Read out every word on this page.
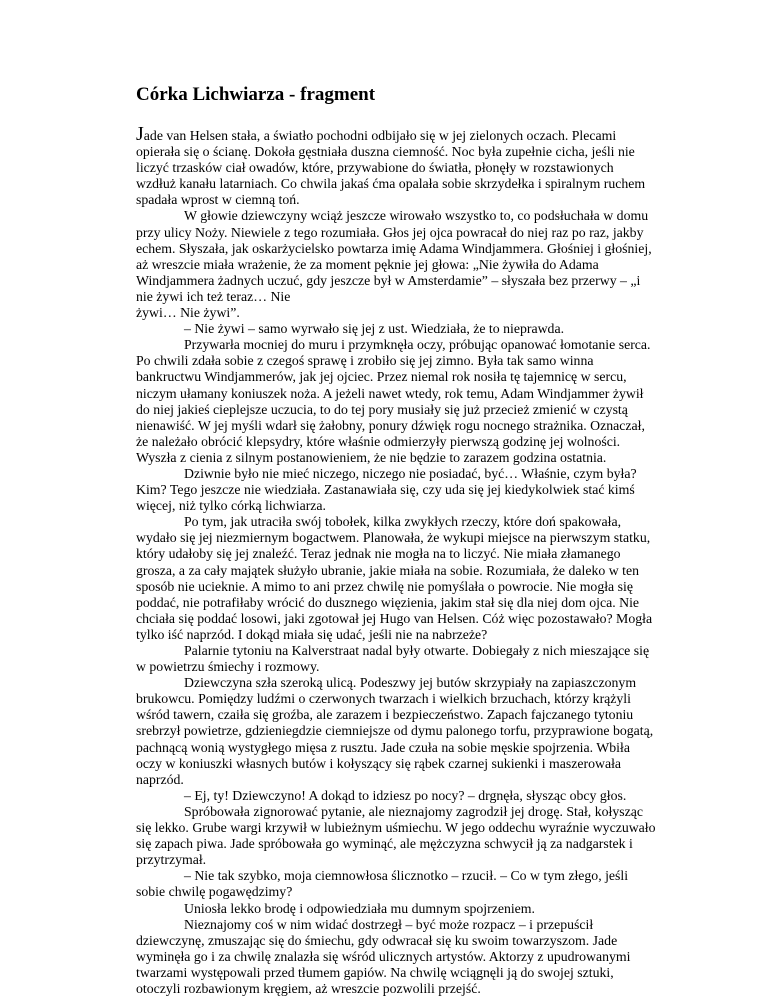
Córka Lichwiarza - fragment

Jade van Helsen stała, a światło pochodni odbijało się w jej zielonych oczach. Plecami opierała się o ścianę. Dokoła gęstniała duszna ciemność. Noc była zupełnie cicha, jeśli nie liczyć trzasków ciał owadów, które, przywabione do światła, płonęły w rozstawionych wzdłuż kanału latarniach. Co chwila jakaś ćma opalała sobie skrzydełka i spiralnym ruchem spadała wprost w ciemną toń.

W głowie dziewczyny wciąż jeszcze wirowało wszystko to, co podsłuchała w domu przy ulicy Noży. Niewiele z tego rozumiała. Głos jej ojca powracał do niej raz po raz, jakby echem. Słyszała, jak oskarżycielsko powtarza imię Adama Windjammera. Głośniej i głośniej, aż wreszcie miała wrażenie, że za moment pęknie jej głowa: „Nie żywiła do Adama Windjammera żadnych uczuć, gdy jeszcze był w Amsterdamie” – słyszała bez przerwy – „i nie żywi ich też teraz… Nie
żywi… Nie żywi”.

– Nie żywi – samo wyrwało się jej z ust. Wiedziała, że to nieprawda.

Przywarła mocniej do muru i przymknęła oczy, próbując opanować łomotanie serca. Po chwili zdała sobie z czegoś sprawę i zrobiło się jej zimno. Była tak samo winna bankructwu Windjammerów, jak jej ojciec. Przez niemal rok nosiła tę tajemnicę w sercu, niczym ułamany koniuszek noża. A jeżeli nawet wtedy, rok temu, Adam Windjammer żywił do niej jakieś cieplejsze uczucia, to do tej pory musiały się już przecież zmienić w czystą nienawiść. W jej myśli wdarł się żałobny, ponury dźwięk rogu nocnego strażnika. Oznaczał, że należało obrócić klepsydry, które właśnie odmierzyły pierwszą godzinę jej wolności. Wyszła z cienia z silnym postanowieniem, że nie będzie to zarazem godzina ostatnia.

Dziwnie było nie mieć niczego, niczego nie posiadać, być… Właśnie, czym była? Kim? Tego jeszcze nie wiedziała. Zastanawiała się, czy uda się jej kiedykolwiek stać kimś więcej, niż tylko córką lichwiarza.

Po tym, jak utraciła swój tobołek, kilka zwykłych rzeczy, które doń spakowała, wydało się jej niezmiernym bogactwem. Planowała, że wykupi miejsce na pierwszym statku, który udałoby się jej znaleźć. Teraz jednak nie mogła na to liczyć. Nie miała złamanego grosza, a za cały majątek służyło ubranie, jakie miała na sobie. Rozumiała, że daleko w ten sposób nie ucieknie. A mimo to ani przez chwilę nie pomyślała o powrocie. Nie mogła się poddać, nie potrafiłaby wrócić do dusznego więzienia, jakim stał się dla niej dom ojca. Nie chciała się poddać losowi, jaki zgotował jej Hugo van Helsen. Cóż więc pozostawało? Mogła tylko iść naprzód. I dokąd miała się udać, jeśli nie na nabrzeże?

Palarnie tytoniu na Kalverstraat nadal były otwarte. Dobiegały z nich mieszające się w powietrzu śmiechy i rozmowy.

Dziewczyna szła szeroką ulicą. Podeszwy jej butów skrzypiały na zapiaszczonym brukowcu. Pomiędzy ludźmi o czerwonych twarzach i wielkich brzuchach, którzy krążyli wśród tawern, czaiła się groźba, ale zarazem i bezpieczeństwo. Zapach fajczanego tytoniu srebrzył powietrze, gdzieniegdzie ciemniejsze od dymu palonego torfu, przyprawione bogatą, pachnącą wonią wystygłego mięsa z rusztu. Jade czuła na sobie męskie spojrzenia. Wbiła oczy w koniuszki własnych butów i kołyszący się rąbek czarnej sukienki i maszerowała naprzód.

– Ej, ty! Dziewczyno! A dokąd to idziesz po nocy? – drgnęła, słysząc obcy głos.

Spróbowała zignorować pytanie, ale nieznajomy zagrodził jej drogę. Stał, kołysząc się lekko. Grube wargi krzywił w lubieżnym uśmiechu. W jego oddechu wyraźnie wyczuwało się zapach piwa. Jade spróbowała go wyminąć, ale mężczyzna schwycił ją za nadgarstek i przytrzymał.

– Nie tak szybko, moja ciemnowłosa ślicznotko – rzucił. – Co w tym złego, jeśli sobie chwilę pogawędzimy?

Uniosła lekko brodę i odpowiedziała mu dumnym spojrzeniem.

Nieznajomy coś w nim widać dostrzegł – być może rozpacz – i przepuścił dziewczynę, zmuszając się do śmiechu, gdy odwracał się ku swoim towarzyszom. Jade wyminęła go i za chwilę znalazła się wśród ulicznych artystów. Aktorzy z upudrowanymi twarzami występowali przed tłumem gapiów. Na chwilę wciągnęli ją do swojej sztuki, otoczyli rozbawionym kręgiem, aż wreszcie pozwolili przejść.
